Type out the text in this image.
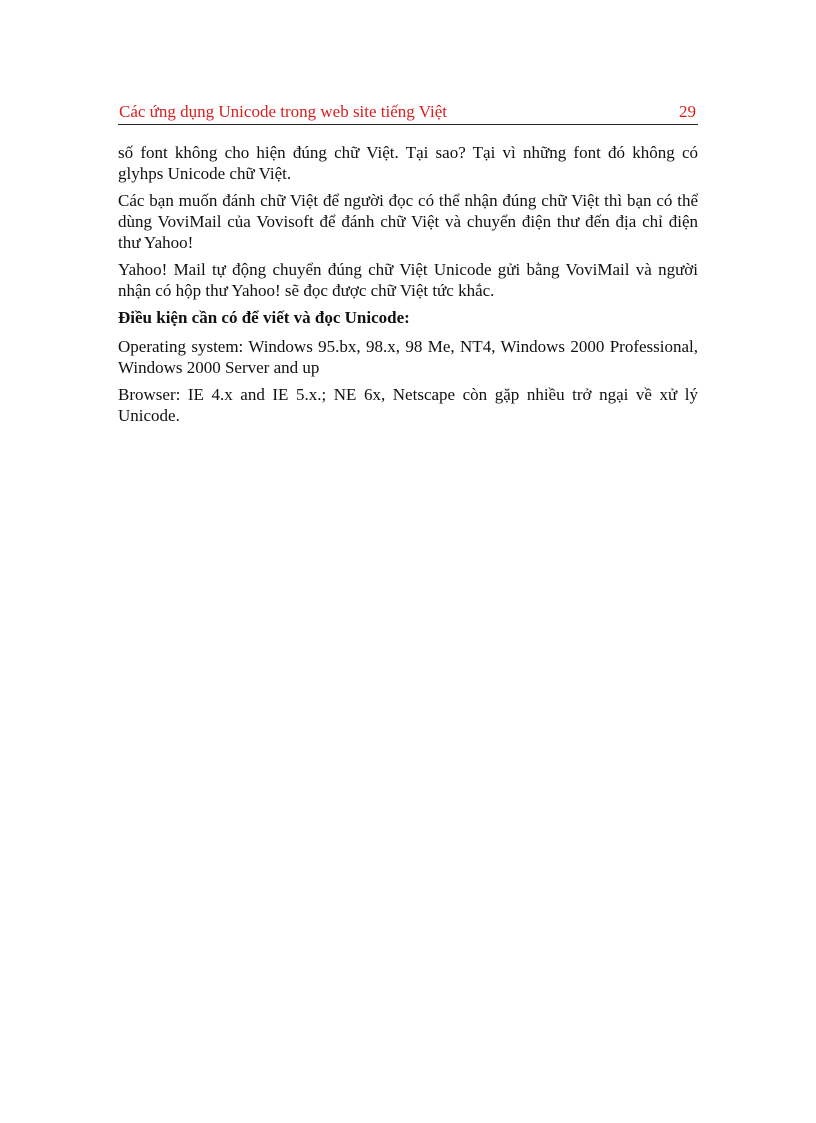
Các ứng dụng Unicode trong web site tiếng Việt	29

số font không cho hiện đúng chữ Việt. Tại sao? Tại vì những font đó không có glyhps Unicode chữ Việt.

Các bạn muốn đánh chữ Việt để người đọc có thể nhận đúng chữ Việt thì bạn có thể dùng VoviMail của Vovisoft để đánh chữ Việt và chuyển điện thư đến địa chỉ điện thư Yahoo!

Yahoo! Mail tự động chuyển đúng chữ Việt Unicode gửi bằng VoviMail và người nhận có hộp thư Yahoo! sẽ đọc được chữ Việt tức khắc.

Điều kiện cần có để viết và đọc Unicode:

Operating system: Windows 95.bx, 98.x, 98 Me, NT4, Windows 2000 Professional, Windows 2000 Server and up

Browser: IE 4.x and IE 5.x.; NE 6x, Netscape còn gặp nhiều trở ngại về xử lý Unicode.
